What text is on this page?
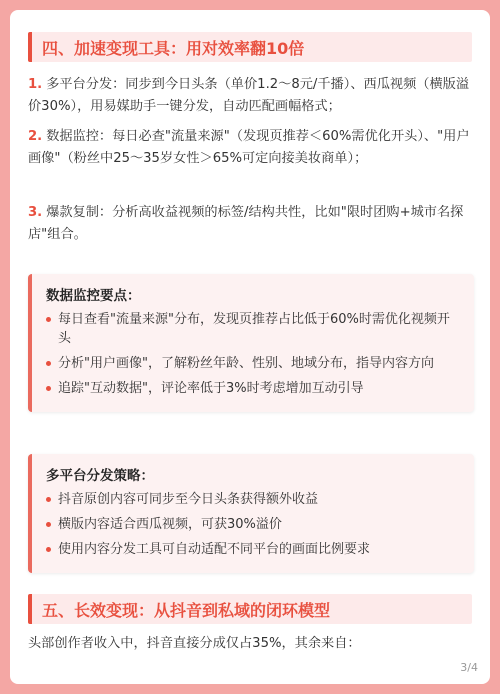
四、加速变现工具：用对效率翻10倍
1. 多平台分发：同步到今日头条（单价1.2～8元/千播）、西瓜视频（横版溢价30%），用易媒助手一键分发，自动匹配画幅格式；
2. 数据监控：每日必查"流量来源"（发现页推荐＜60%需优化开头）、"用户画像"（粉丝中25～35岁女性＞65%可定向接美妆商单）；
3. 爆款复制：分析高收益视频的标签/结构共性，比如"限时团购+城市名探店"组合。
数据监控要点：
每日查看"流量来源"分布，发现页推荐占比低于60%时需优化视频开头
分析"用户画像"，了解粉丝年龄、性别、地域分布，指导内容方向
追踪"互动数据"，评论率低于3%时考虑增加互动引导
多平台分发策略：
抖音原创内容可同步至今日头条获得额外收益
横版内容适合西瓜视频，可获30%溢价
使用内容分发工具可自动适配不同平台的画面比例要求
五、长效变现：从抖音到私域的闭环模型
头部创作者收入中，抖音直接分成仅占35%，其余来自：
3/4
